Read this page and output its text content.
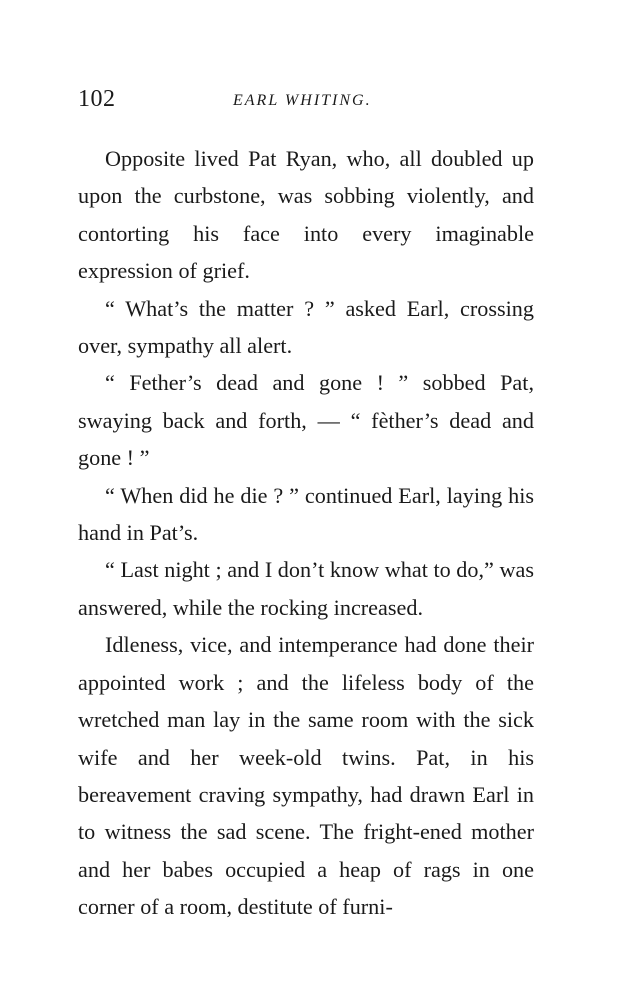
102	EARL WHITING.

Opposite lived Pat Ryan, who, all doubled up upon the curbstone, was sobbing violently, and contorting his face into every imaginable expression of grief.

“ What’s the matter ? ” asked Earl, crossing over, sympathy all alert.

“ Fether’s dead and gone ! ” sobbed Pat, swaying back and forth, — “ fèther’s dead and gone ! ”

“ When did he die ? ” continued Earl, laying his hand in Pat’s.

“ Last night ; and I don’t know what to do,” was answered, while the rocking increased.

Idleness, vice, and intemperance had done their appointed work ; and the lifeless body of the wretched man lay in the same room with the sick wife and her week-old twins. Pat, in his bereavement craving sympathy, had drawn Earl in to witness the sad scene. The fright-ened mother and her babes occupied a heap of rags in one corner of a room, destitute of furni-
